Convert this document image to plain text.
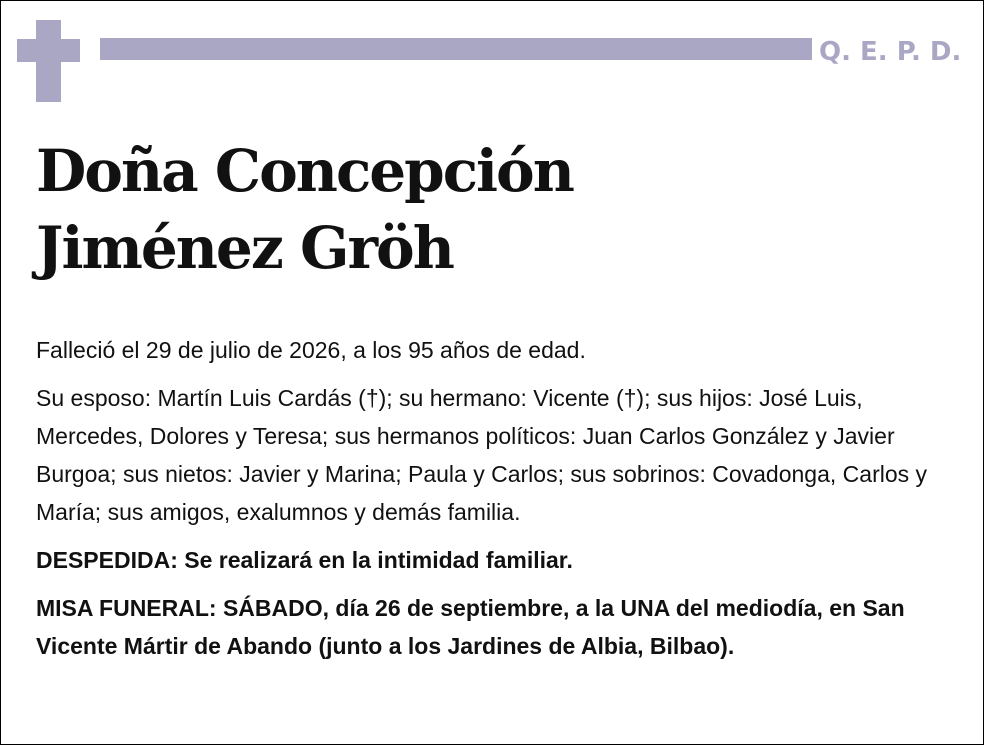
Q. E. P. D.
Doña Concepción
Jiménez Gröh

Falleció el 29 de julio de 2026, a los 95 años de edad.

Su esposo: Martín Luis Cardás (†); su hermano: Vicente (†); sus hijos: José Luis, Mercedes, Dolores y Teresa; sus hermanos políticos: Juan Carlos González y Javier Burgoa; sus nietos: Javier y Marina; Paula y Carlos; sus sobrinos: Covadonga, Carlos y María; sus amigos, exalumnos y demás familia.

DESPEDIDA: Se realizará en la intimidad familiar.

MISA FUNERAL: SÁBADO, día 26 de septiembre, a la UNA del mediodía, en San Vicente Mártir de Abando (junto a los Jardines de Albia, Bilbao).
